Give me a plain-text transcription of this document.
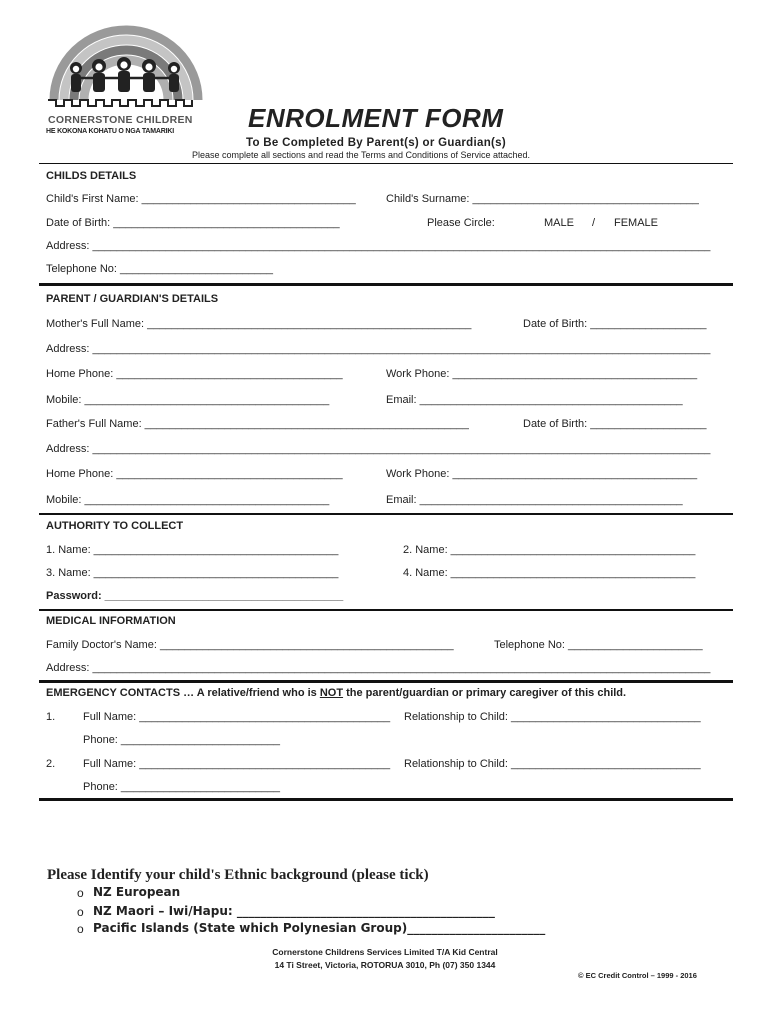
CORNERSTONE CHILDREN
HE KOKONA KOHATU O NGA TAMARIKI	ENROLMENT FORM
To Be Completed By Parent(s) or Guardian(s)
Please complete all sections and read the Terms and Conditions of Service attached.
CHILDS DETAILS
Child's First Name: ___________________________________	Child's Surname: _____________________________________
Date of Birth: _____________________________________	Please Circle:	MALE / FEMALE
Address: _____________________________________________________________________________________________________
Telephone No: _________________________
PARENT / GUARDIAN'S DETAILS
Mother's Full Name: _____________________________________________________	Date of Birth: ___________________
Address: _____________________________________________________________________________________________________
Home Phone: _____________________________________	Work Phone: ________________________________________
Mobile: ________________________________________	Email: ___________________________________________
Father's Full Name: _____________________________________________________	Date of Birth: ___________________
Address: _____________________________________________________________________________________________________
Home Phone: _____________________________________	Work Phone: ________________________________________
Mobile: ________________________________________	Email: ___________________________________________
AUTHORITY TO COLLECT
1. Name: ________________________________________	2. Name: ________________________________________
3. Name: ________________________________________	4. Name: ________________________________________
Password: _______________________________________
MEDICAL INFORMATION
Family Doctor's Name: ________________________________________________	Telephone No: ______________________
Address: _____________________________________________________________________________________________________
EMERGENCY CONTACTS … A relative/friend who is NOT the parent/guardian or primary caregiver of this child.
1.	Full Name: _________________________________________ Relationship to Child: _______________________________
Phone: __________________________
2.	Full Name: _________________________________________ Relationship to Child: _______________________________
Phone: __________________________
Please Identify your child's Ethnic background (please tick)
o NZ European
o NZ Maori – Iwi/Hapu: ___________________________________________
o Pacific Islands (State which Polynesian Group)_______________________
Cornerstone Childrens Services Limited T/A Kid Central
14 Ti Street, Victoria, ROTORUA 3010, Ph (07) 350 1344
© EC Credit Control – 1999 - 2016
